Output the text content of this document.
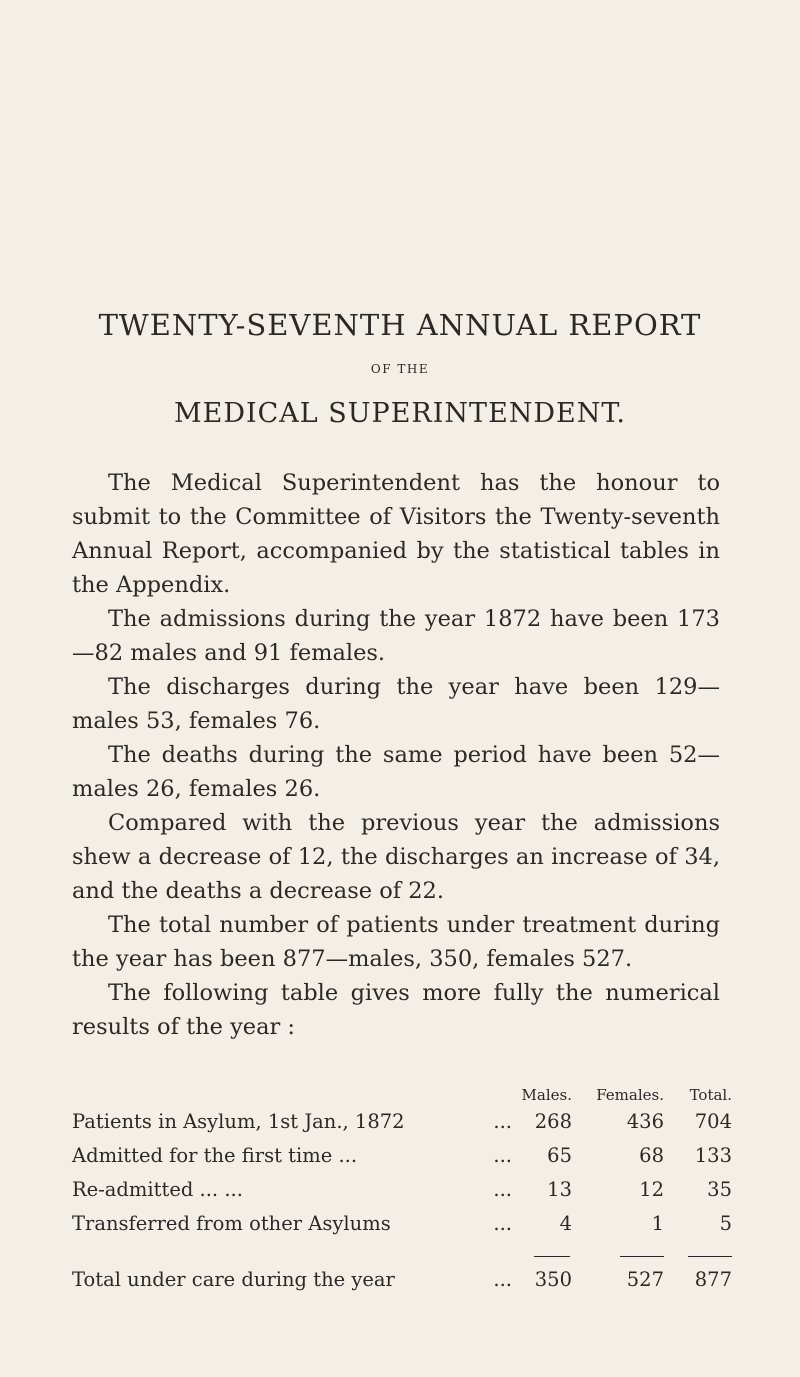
TWENTY-SEVENTH ANNUAL REPORT
OF THE
MEDICAL SUPERINTENDENT.

The Medical Superintendent has the honour to submit to the Committee of Visitors the Twenty-seventh Annual Report, accompanied by the statistical tables in the Appendix.

The admissions during the year 1872 have been 173—82 males and 91 females.

The discharges during the year have been 129—males 53, females 76.

The deaths during the same period have been 52—males 26, females 26.

Compared with the previous year the admissions shew a decrease of 12, the discharges an increase of 34, and the deaths a decrease of 22.

The total number of patients under treatment during the year has been 877—males, 350, females 527.

The following table gives more fully the numerical results of the year :

Males. Females.	Total.
Patients in Asylum, 1st Jan., 1872	...	268	436	704
Admitted for the first time ...	...	65	68	133
Re-admitted ... ...	...	13	12	35
Transferred from other Asylums	...	4	1	5
Total under care during the year	...	350	527	877
